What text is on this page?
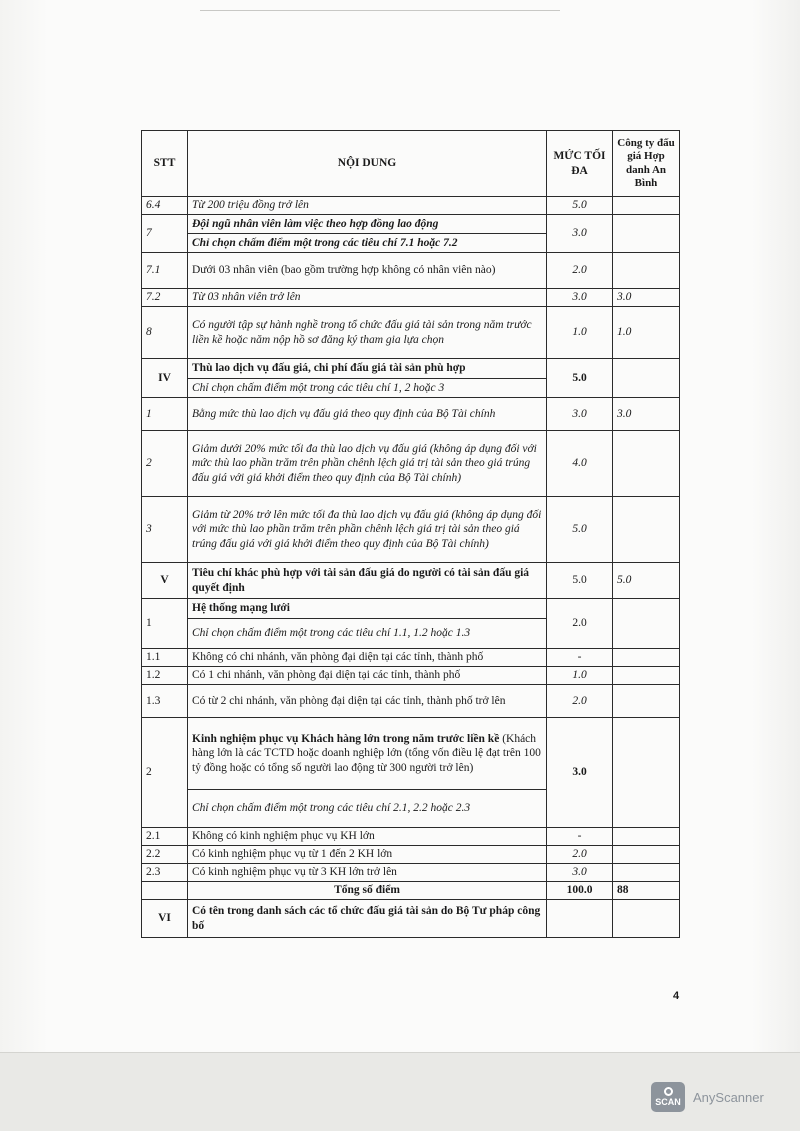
STT	NỘI DUNG	MỨC TỐI ĐA	Công ty đấu giá Hợp danh An Bình
6.4	Từ 200 triệu đồng trở lên	5.0	
7	Đội ngũ nhân viên làm việc theo hợp đồng lao động	3.0	
	Chỉ chọn chấm điểm một trong các tiêu chí 7.1 hoặc 7.2		
7.1	Dưới 03 nhân viên (bao gồm trường hợp không có nhân viên nào)	2.0	
7.2	Từ 03 nhân viên trở lên	3.0	3.0
8	Có người tập sự hành nghề trong tổ chức đấu giá tài sản trong năm trước liền kề hoặc năm nộp hồ sơ đăng ký tham gia lựa chọn	1.0	1.0
IV	Thù lao dịch vụ đấu giá, chi phí đấu giá tài sản phù hợp	5.0	
	Chỉ chọn chấm điểm một trong các tiêu chí 1, 2 hoặc 3		
1	Bằng mức thù lao dịch vụ đấu giá theo quy định của Bộ Tài chính	3.0	3.0
2	Giảm dưới 20% mức tối đa thù lao dịch vụ đấu giá (không áp dụng đối với mức thù lao phần trăm trên phần chênh lệch giá trị tài sản theo giá trúng đấu giá với giá khởi điểm theo quy định của Bộ Tài chính)	4.0	
3	Giảm từ 20% trở lên mức tối đa thù lao dịch vụ đấu giá (không áp dụng đối với mức thù lao phần trăm trên phần chênh lệch giá trị tài sản theo giá trúng đấu giá với giá khởi điểm theo quy định của Bộ Tài chính)	5.0	
V	Tiêu chí khác phù hợp với tài sản đấu giá do người có tài sản đấu giá quyết định	5.0	5.0
1	Hệ thống mạng lưới	2.0	
	Chỉ chọn chấm điểm một trong các tiêu chí 1.1, 1.2 hoặc 1.3		
1.1	Không có chi nhánh, văn phòng đại diện tại các tỉnh, thành phố	-	
1.2	Có 1 chi nhánh, văn phòng đại diện tại các tỉnh, thành phố	1.0	
1.3	Có từ 2 chi nhánh, văn phòng đại diện tại các tỉnh, thành phố trở lên	2.0	
2	Kinh nghiệm phục vụ Khách hàng lớn trong năm trước liền kề (Khách hàng lớn là các TCTD hoặc doanh nghiệp lớn (tổng vốn điều lệ đạt trên 100 tỷ đồng hoặc có tổng số người lao động từ 300 người trở lên)	3.0	
	Chỉ chọn chấm điểm một trong các tiêu chí 2.1, 2.2 hoặc 2.3		
2.1	Không có kinh nghiệm phục vụ KH lớn	-	
2.2	Có kinh nghiệm phục vụ từ 1 đến 2 KH lớn	2.0	
2.3	Có kinh nghiệm phục vụ từ 3 KH lớn trở lên	3.0	
	Tổng số điểm	100.0	88
VI	Có tên trong danh sách các tổ chức đấu giá tài sản do Bộ Tư pháp công bố		
4
SCAN AnyScanner
